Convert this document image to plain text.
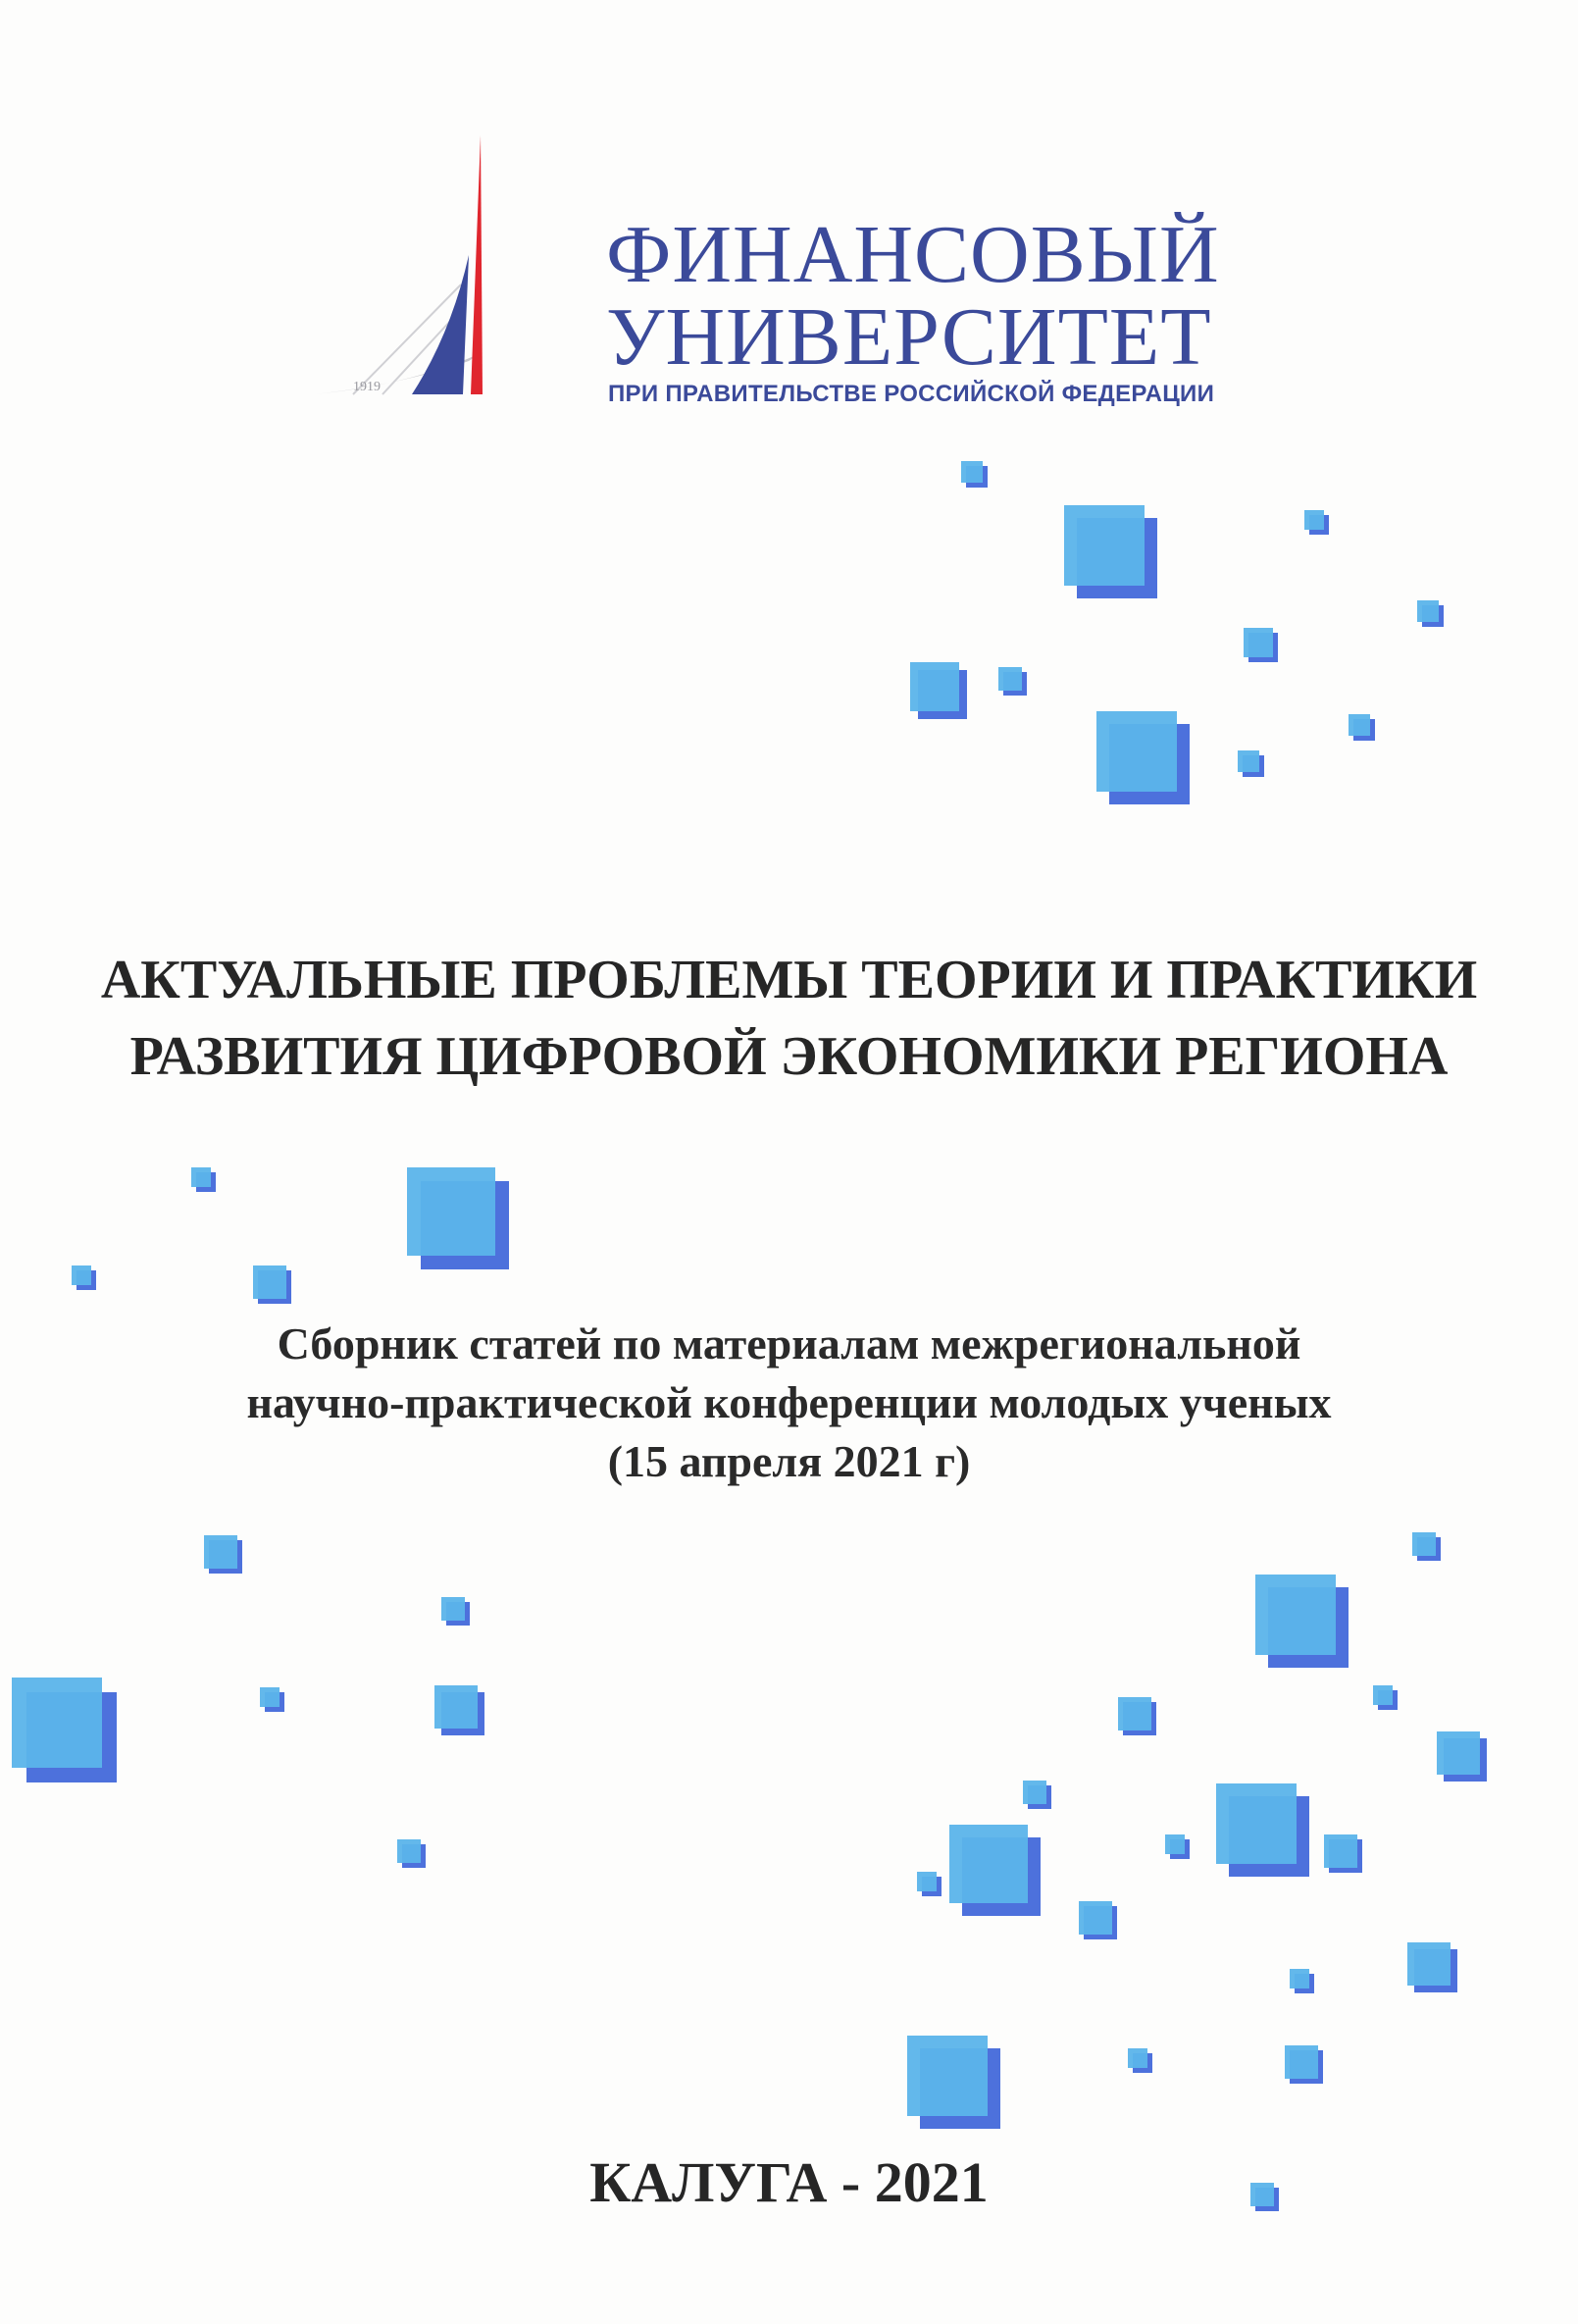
1919
ФИНАНСОВЫЙ
УНИВЕРСИТЕТ
ПРИ ПРАВИТЕЛЬСТВЕ РОССИЙСКОЙ ФЕДЕРАЦИИ
АКТУАЛЬНЫЕ ПРОБЛЕМЫ ТЕОРИИ И ПРАКТИКИ
РАЗВИТИЯ ЦИФРОВОЙ ЭКОНОМИКИ РЕГИОНА
Сборник статей по материалам межрегиональной
научно-практической конференции молодых ученых
(15 апреля 2021 г)
КАЛУГА - 2021
